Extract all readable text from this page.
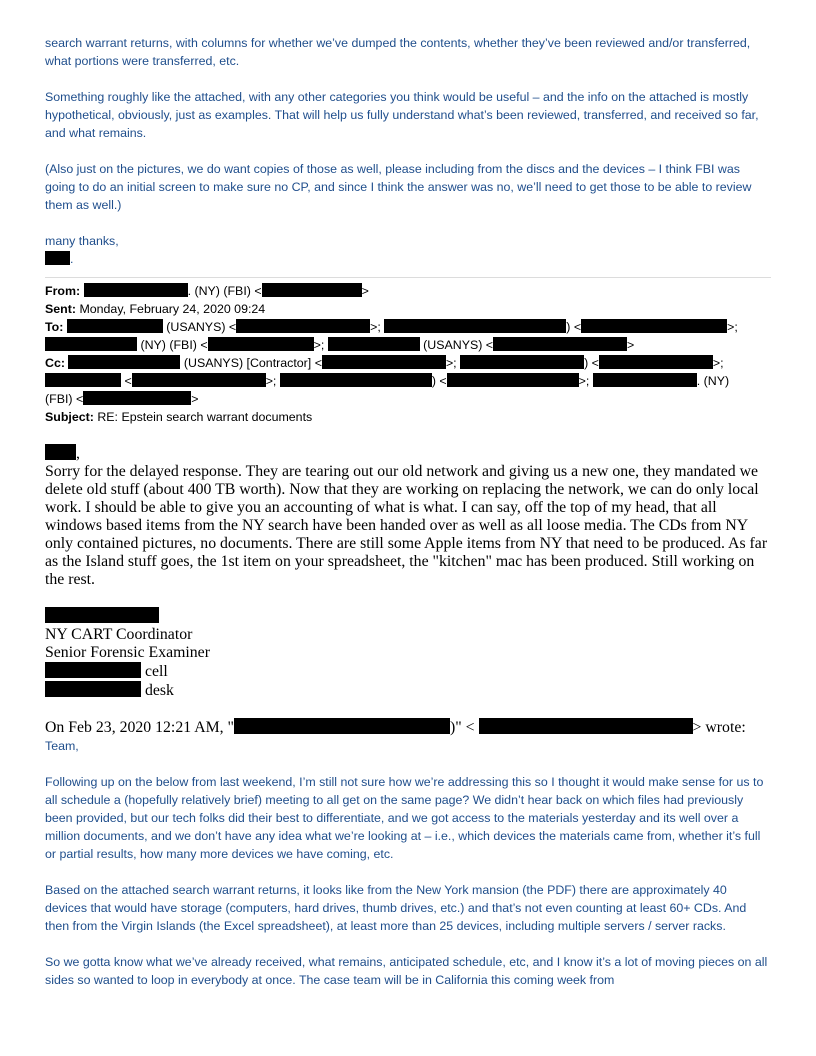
search warrant returns, with columns for whether we’ve dumped the contents, whether they’ve been reviewed and/or transferred, what portions were transferred, etc.

Something roughly like the attached, with any other categories you think would be useful – and the info on the attached is mostly hypothetical, obviously, just as examples. That will help us fully understand what’s been reviewed, transferred, and received so far, and what remains.

(Also just on the pictures, we do want copies of those as well, please including from the discs and the devices – I think FBI was going to do an initial screen to make sure no CP, and since I think the answer was no, we’ll need to get those to be able to review them as well.)

many thanks,

.

From:	. (NY) (FBI) <	>
Sent: Monday, February 24, 2020 09:24
To:	(USANYS) <	>;	) <	>;
(NY) (FBI) <	>;	(USANYS) <	>
Cc:	(USANYS) [Contractor] <	>;	) <	>;
<	>;	) <	>;	. (NY)
(FBI) <	>
Subject: RE: Epstein search warrant documents

,

Sorry for the delayed response. They are tearing out our old network and giving us a new one, they mandated we delete old stuff (about 400 TB worth). Now that they are working on replacing the network, we can do only local work. I should be able to give you an accounting of what is what. I can say, off the top of my head, that all windows based items from the NY search have been handed over as well as all loose media. The CDs from NY only contained pictures, no documents. There are still some Apple items from NY that need to be produced. As far as the Island stuff goes, the 1st item on your spreadsheet, the "kitchen" mac has been produced. Still working on the rest.

NY CART Coordinator
Senior Forensic Examiner
cell
desk
On Feb 23, 2020 12:21 AM, "	)" <	> wrote:

Team,

Following up on the below from last weekend, I’m still not sure how we’re addressing this so I thought it would make sense for us to all schedule a (hopefully relatively brief) meeting to all get on the same page? We didn’t hear back on which files had previously been provided, but our tech folks did their best to differentiate, and we got access to the materials yesterday and its well over a million documents, and we don’t have any idea what we’re looking at – i.e., which devices the materials came from, whether it’s full or partial results, how many more devices we have coming, etc.

Based on the attached search warrant returns, it looks like from the New York mansion (the PDF) there are approximately 40 devices that would have storage (computers, hard drives, thumb drives, etc.) and that’s not even counting at least 60+ CDs. And then from the Virgin Islands (the Excel spreadsheet), at least more than 25 devices, including multiple servers / server racks.

So we gotta know what we’ve already received, what remains, anticipated schedule, etc, and I know it’s a lot of moving pieces on all sides so wanted to loop in everybody at once. The case team will be in California this coming week from
